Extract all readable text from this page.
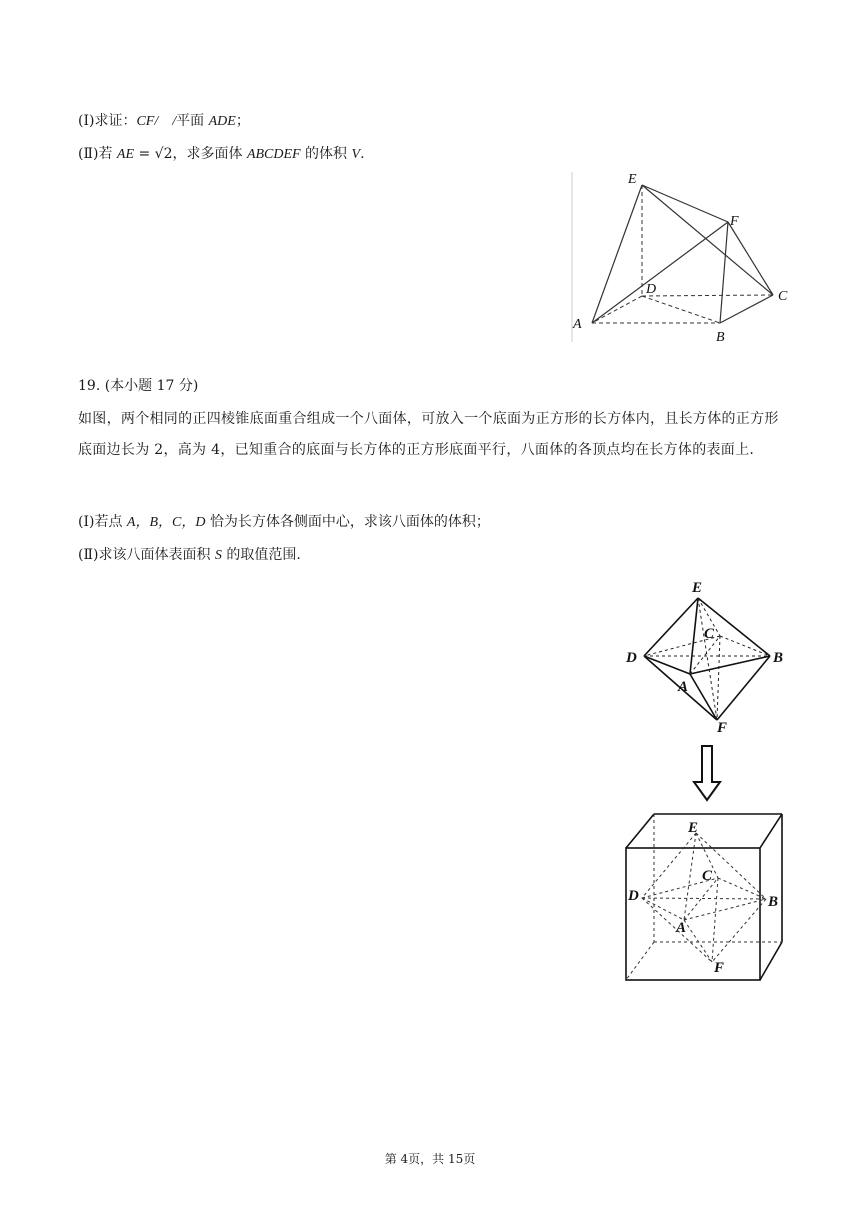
(Ⅰ)求证：CF/　/平面 ADE；
(Ⅱ)若 AE = √2，求多面体 ABCDEF 的体积 V.
E
F
D	C
A
B
19. (本小题 17 分)
如图，两个相同的正四棱锥底面重合组成一个八面体，可放入一个底面为正方形的长方体内，且长方体的正方形底面边长为 2，高为 4，已知重合的底面与长方体的正方形底面平行，八面体的各顶点均在长方体的表面上.
(Ⅰ)若点 A，B，C，D 恰为长方体各侧面中心，求该八面体的体积；
(Ⅱ)求该八面体表面积 S 的取值范围.
E
C
D	B
A
F
E
C
D	B
A
F
第 4页，共 15页
